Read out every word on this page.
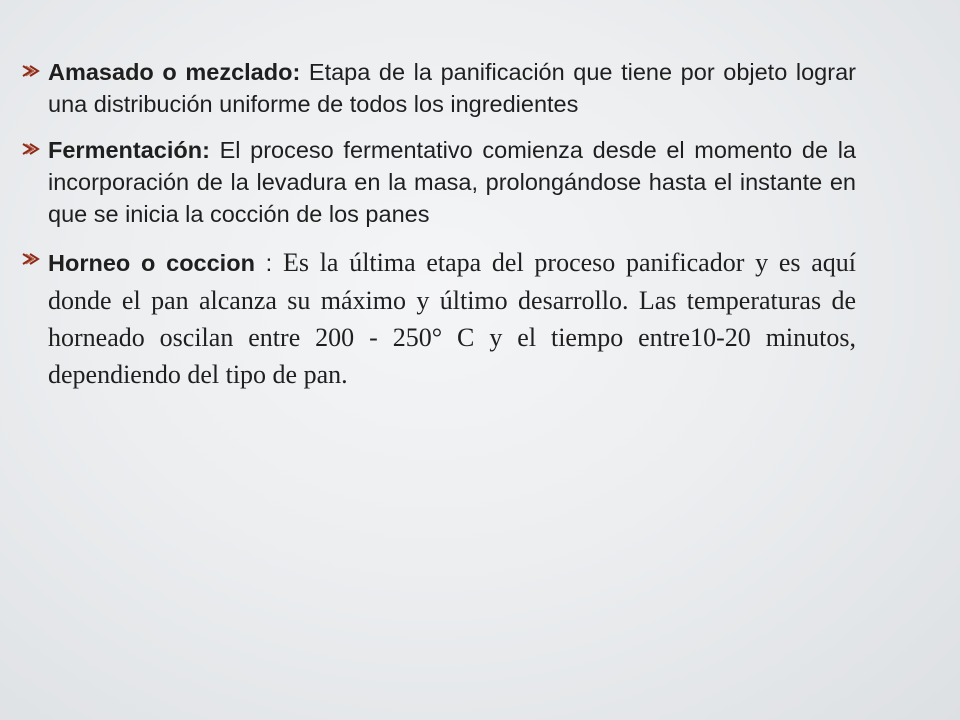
Amasado o mezclado: Etapa de la panificación que tiene por objeto lograr una distribución uniforme de todos los ingredientes
Fermentación: El proceso fermentativo comienza desde el momento de la incorporación de la levadura en la masa, prolongándose hasta el instante en que se inicia la cocción de los panes
Horneo o coccion : Es la última etapa del proceso panificador y es aquí donde el pan alcanza su máximo y último desarrollo. Las temperaturas de horneado oscilan entre 200 - 250° C y el tiempo entre10-20 minutos, dependiendo del tipo de pan.
